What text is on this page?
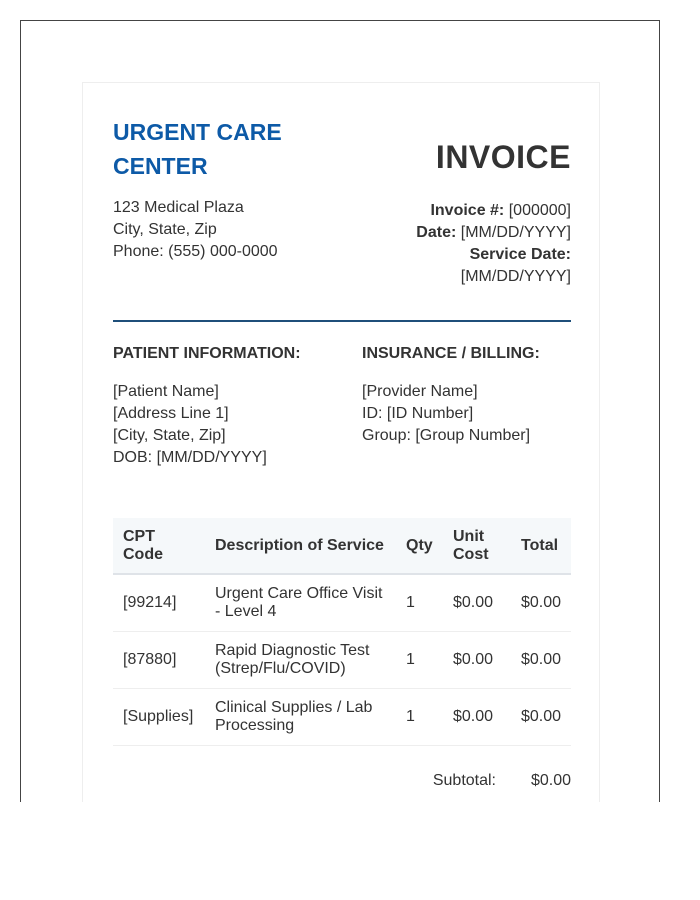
URGENT CARE CENTER
123 Medical Plaza
City, State, Zip
Phone: (555) 000-0000
INVOICE
Invoice #: [000000]
Date: [MM/DD/YYYY]
Service Date:
[MM/DD/YYYY]
PATIENT INFORMATION:
[Patient Name]
[Address Line 1]
[City, State, Zip]
DOB: [MM/DD/YYYY]
INSURANCE / BILLING:
[Provider Name]
ID: [ID Number]
Group: [Group Number]
CPT Code	Description of Service	Qty	Unit Cost	Total
[99214]	Urgent Care Office Visit - Level 4	1	$0.00	$0.00
[87880]	Rapid Diagnostic Test (Strep/Flu/COVID)	1	$0.00	$0.00
[Supplies]	Clinical Supplies / Lab Processing	1	$0.00	$0.00
Subtotal: $0.00
